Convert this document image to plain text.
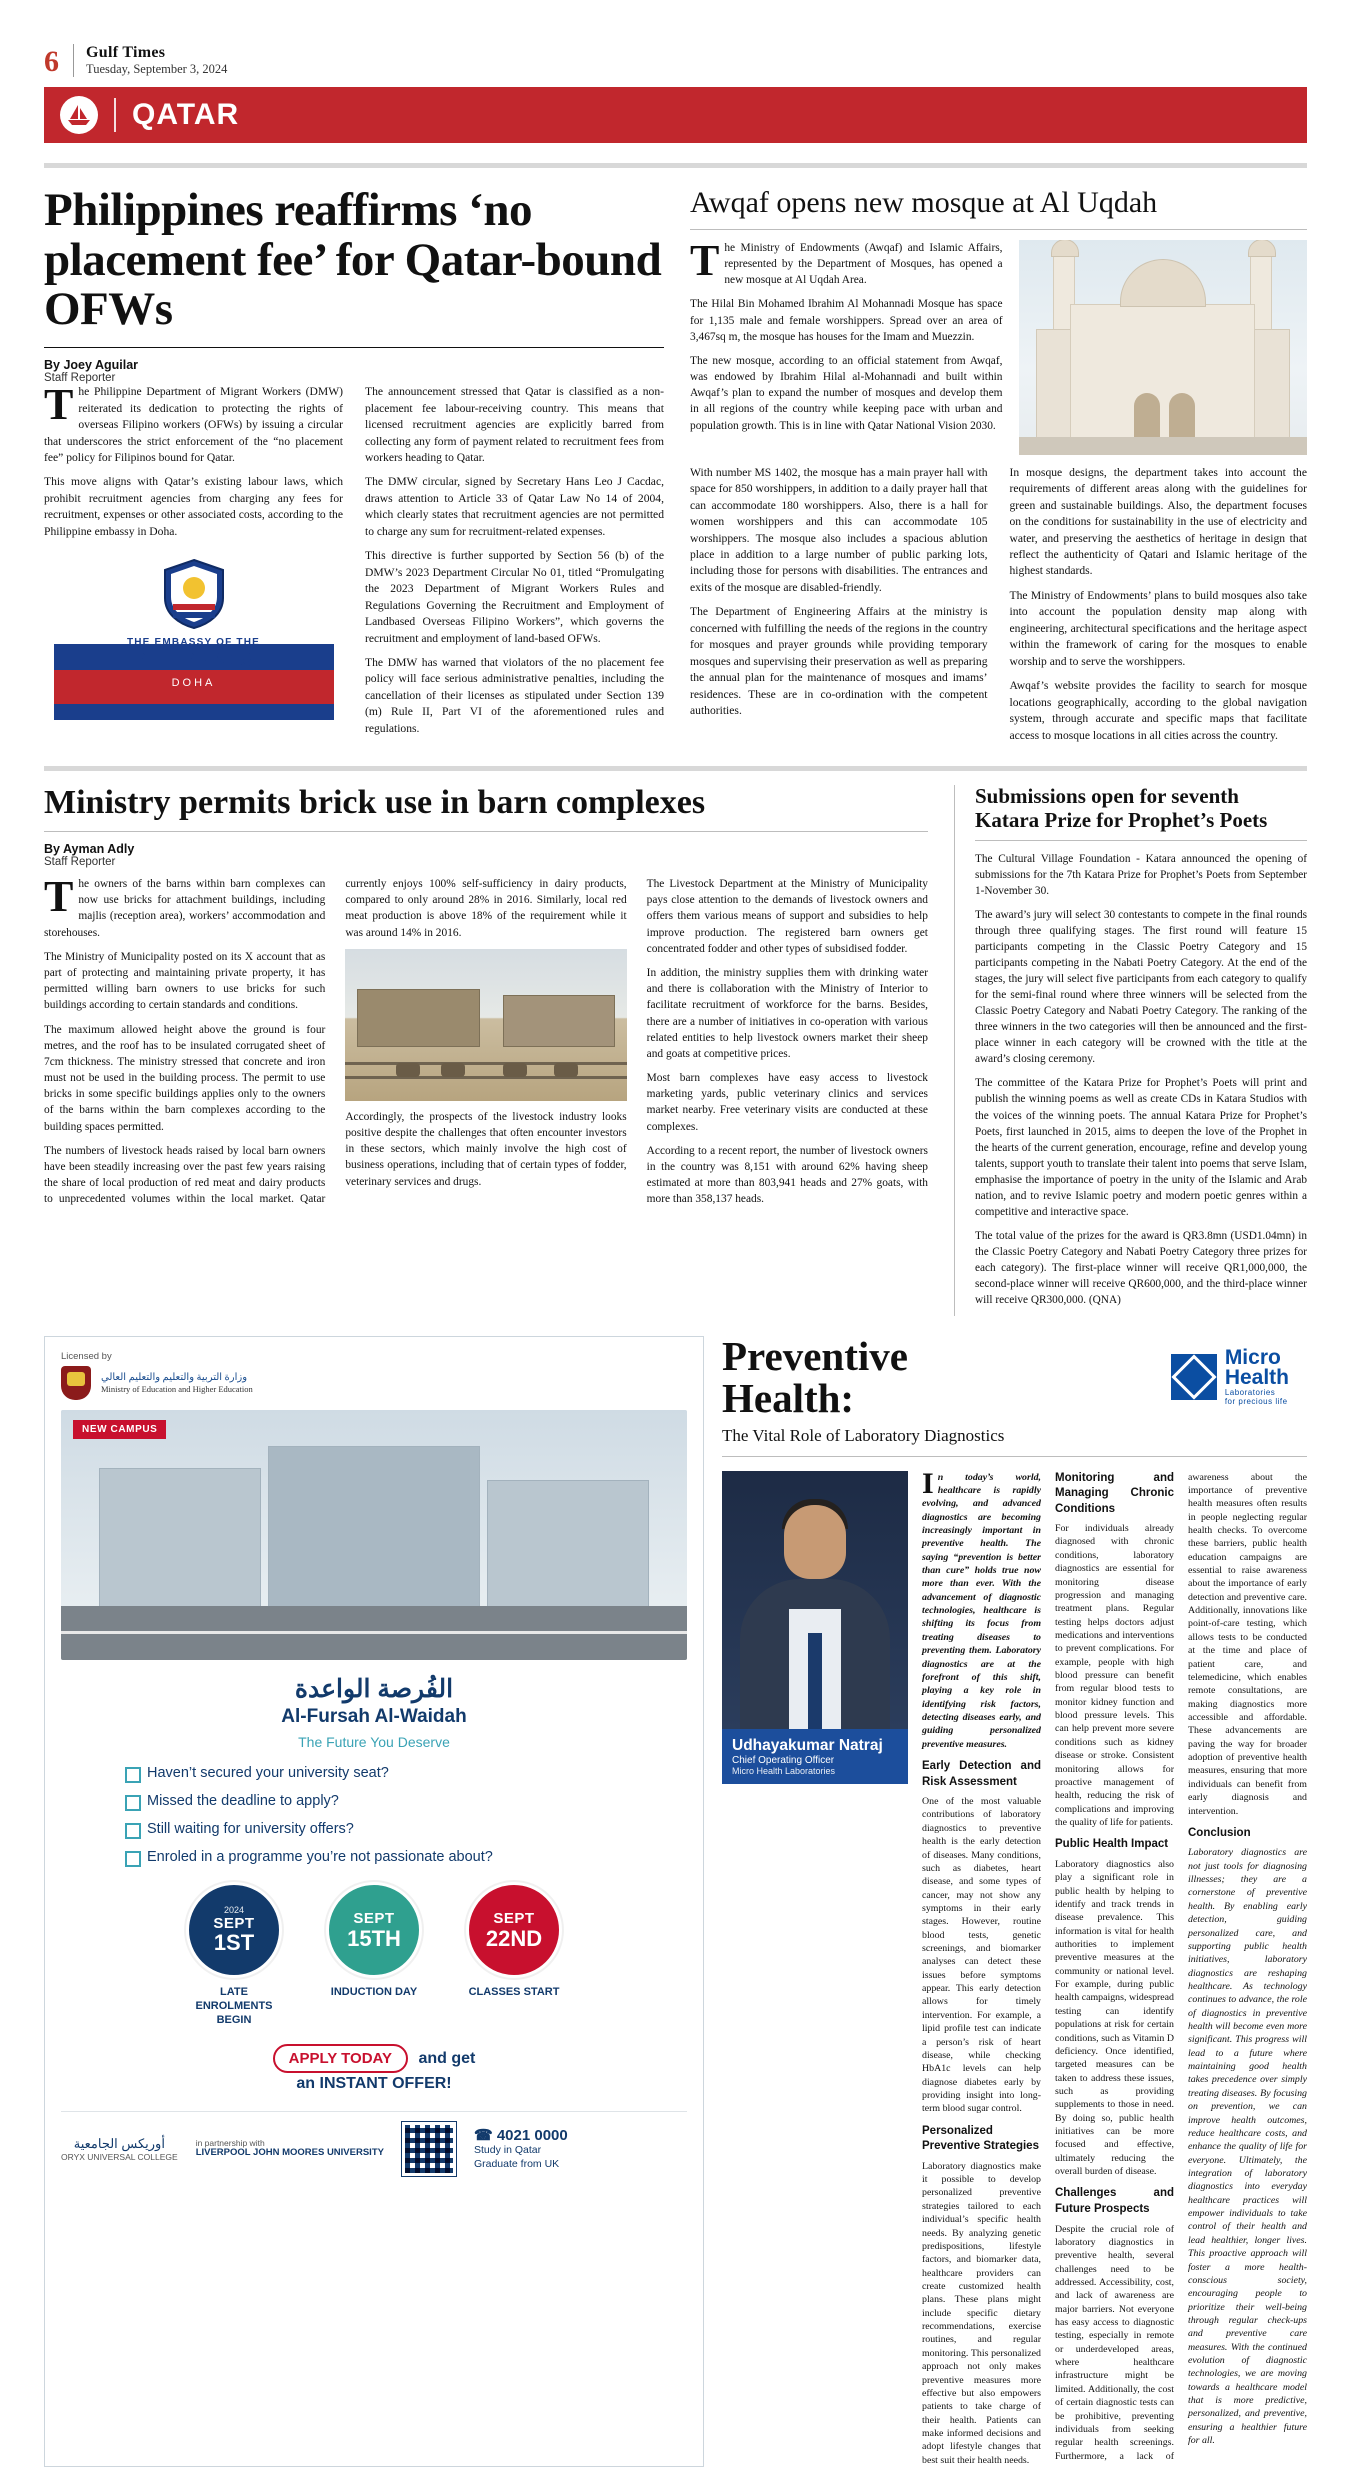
6 Gulf Times
Tuesday, September 3, 2024
QATAR
Philippines reaffirms ‘no placement fee’ for Qatar-bound OFWs
By Joey Aguilar
Staff Reporter

The Philippine Department of Migrant Workers (DMW) reiterated its dedication to protecting the rights of overseas Filipino workers (OFWs) by issuing a circular that underscores the strict enforcement of the “no placement fee” policy for Filipinos bound for Qatar.

This move aligns with Qatar’s existing labour laws, which prohibit recruitment agencies from charging any fees for recruitment, expenses or other associated costs, according to the Philippine embassy in Doha.

THE EMBASSY OF THE
PHILIPPINES
DOHA

The announcement stressed that Qatar is classified as a non-placement fee labour-receiving country. This means that licensed recruitment agencies are explicitly barred from collecting any form of payment related to recruitment fees from workers heading to Qatar.

The DMW circular, signed by Secretary Hans Leo J Cacdac, draws attention to Article 33 of Qatar Law No 14 of 2004, which clearly states that recruitment agencies are not permitted to charge any sum for recruitment-related expenses.

This directive is further supported by Section 56 (b) of the DMW’s 2023 Department Circular No 01, titled “Promulgating the 2023 Department of Migrant Workers Rules and Regulations Governing the Recruitment and Employment of Landbased Overseas Filipino Workers”, which governs the recruitment and employment of land-based OFWs.

The DMW has warned that violators of the no placement fee policy will face serious administrative penalties, including the cancellation of their licenses as stipulated under Section 139 (m) Rule II, Part VI of the aforementioned rules and regulations.

Awqaf opens new mosque at Al Uqdah

The Ministry of Endowments (Awqaf) and Islamic Affairs, represented by the Department of Mosques, has opened a new mosque at Al Uqdah Area.

The Hilal Bin Mohamed Ibrahim Al Mohannadi Mosque has space for 1,135 male and female worshippers. Spread over an area of 3,467sq m, the mosque has houses for the Imam and Muezzin.

The new mosque, according to an official statement from Awqaf, was endowed by Ibrahim Hilal al-Mohannadi and built within Awqaf’s plan to expand the number of mosques and develop them in all regions of the country while keeping pace with urban and population growth. This is in line with Qatar National Vision 2030.

With number MS 1402, the mosque has a main prayer hall with space for 850 worshippers, in addition to a daily prayer hall that can accommodate 180 worshippers. Also, there is a hall for women worshippers and this can accommodate 105 worshippers. The mosque also includes a spacious ablution place in addition to a large number of public parking lots, including those for persons with disabilities. The entrances and exits of the mosque are disabled-friendly.

The Department of Engineering Affairs at the ministry is concerned with fulfilling the needs of the regions in the country for mosques and prayer grounds while providing temporary mosques and supervising their preservation as well as preparing the annual plan for the maintenance of mosques and imams’ residences. These are in co-ordination with the competent authorities.

In mosque designs, the department takes into account the requirements of different areas along with the guidelines for green and sustainable buildings. Also, the department focuses on the conditions for sustainability in the use of electricity and water, and preserving the aesthetics of heritage in design that reflect the authenticity of Qatari and Islamic heritage of the highest standards.

The Ministry of Endowments’ plans to build mosques also take into account the population density map along with engineering, architectural specifications and the heritage aspect within the framework of caring for the mosques to enable worship and to serve the worshippers.

Awqaf’s website provides the facility to search for mosque locations geographically, according to the global navigation system, through accurate and specific maps that facilitate access to mosque locations in all cities across the country.

Ministry permits brick use in barn complexes
By Ayman Adly
Staff Reporter

The owners of the barns within barn complexes can now use bricks for attachment buildings, including majlis (reception area), workers’ accommodation and storehouses.

The Ministry of Municipality posted on its X account that as part of protecting and maintaining private property, it has permitted willing barn owners to use bricks for such buildings according to certain standards and conditions.

The maximum allowed height above the ground is four metres, and the roof has to be insulated corrugated sheet of 7cm thickness. The ministry stressed that concrete and iron must not be used in the building process. The permit to use bricks in some specific buildings applies only to the owners of the barns within the barn complexes according to the building spaces permitted.

The numbers of livestock heads raised by local barn owners have been steadily increasing over the past few years raising the share of local production of red meat and dairy products to unprecedented volumes within the local market. Qatar currently enjoys 100% self-sufficiency in dairy products, compared to only around 28% in 2016. Similarly, local red meat production is above 18% of the requirement while it was around 14% in 2016.

Accordingly, the prospects of the livestock industry looks positive despite the challenges that often encounter investors in these sectors, which mainly involve the high cost of business operations, including that of certain types of fodder, veterinary services and drugs.

The Livestock Department at the Ministry of Municipality pays close attention to the demands of livestock owners and offers them various means of support and subsidies to help improve production. The registered barn owners get concentrated fodder and other types of subsidised fodder.

In addition, the ministry supplies them with drinking water and there is collaboration with the Ministry of Interior to facilitate recruitment of workforce for the barns. Besides, there are a number of initiatives in co-operation with various related entities to help livestock owners market their sheep and goats at competitive prices.

Most barn complexes have easy access to livestock marketing yards, public veterinary clinics and services market nearby. Free veterinary visits are conducted at these complexes.

According to a recent report, the number of livestock owners in the country was 8,151 with around 62% having sheep estimated at more than 803,941 heads and 27% goats, with more than 358,137 heads.

Submissions open for seventh Katara Prize for Prophet’s Poets

The Cultural Village Foundation - Katara announced the opening of submissions for the 7th Katara Prize for Prophet’s Poets from September 1-November 30.

The award’s jury will select 30 contestants to compete in the final rounds through three qualifying stages. The first round will feature 15 participants competing in the Classic Poetry Category and 15 participants competing in the Nabati Poetry Category. At the end of the stages, the jury will select five participants from each category to qualify for the semi-final round where three winners will be selected from the Classic Poetry Category and Nabati Poetry Category. The ranking of the three winners in the two categories will then be announced and the first-place winner in each category will be crowned with the title at the award’s closing ceremony.

The committee of the Katara Prize for Prophet’s Poets will print and publish the winning poems as well as create CDs in Katara Studios with the voices of the winning poets. The annual Katara Prize for Prophet’s Poets, first launched in 2015, aims to deepen the love of the Prophet in the hearts of the current generation, encourage, refine and develop young talents, support youth to translate their talent into poems that serve Islam, emphasise the importance of poetry in the unity of the Islamic and Arab nation, and to revive Islamic poetry and modern poetic genres within a competitive and interactive space.

The total value of the prizes for the award is QR3.8mn (USD1.04mn) in the Classic Poetry Category and Nabati Poetry Category three prizes for each category). The first-place winner will receive QR1,000,000, the second-place winner will receive QR600,000, and the third-place winner will receive QR300,000. (QNA)

Licensed by
وزارة التربية والتعليم والتعليم العالي
Ministry of Education and Higher Education
NEW CAMPUS
الفُرصة الواعدة
Al-Fursah Al-Waidah
The Future You Deserve
Haven’t secured your university seat?
Missed the deadline to apply?
Still waiting for university offers?
Enroled in a programme you’re not passionate about?
2024
SEPT
1ST
SEPT
15TH
SEPT
22ND
LATE ENROLMENTS BEGIN
INDUCTION DAY	CLASSES START
APPLY TODAY and get
an INSTANT OFFER!
أوريكس الجامعية
ORYX UNIVERSAL COLLEGE
in partnership with
LIVERPOOL JOHN MOORES UNIVERSITY
☎ 4021 0000
Study in Qatar
Graduate from UK
Micro
Health
Laboratories
for precious life
Preventive
Health:
The Vital Role of Laboratory Diagnostics
Udhayakumar Natraj
Chief Operating Officer
Micro Health Laboratories

In today’s world, healthcare is rapidly evolving, and advanced diagnostics are becoming increasingly important in preventive health. The saying “prevention is better than cure” holds true now more than ever. With the advancement of diagnostic technologies, healthcare is shifting its focus from treating diseases to preventing them. Laboratory diagnostics are at the forefront of this shift, playing a key role in identifying risk factors, detecting diseases early, and guiding personalized preventive measures.

Early Detection and Risk Assessment

One of the most valuable contributions of laboratory diagnostics to preventive health is the early detection of diseases. Many conditions, such as diabetes, heart disease, and some types of cancer, may not show any symptoms in their early stages. However, routine blood tests, genetic screenings, and biomarker analyses can detect these issues before symptoms appear. This early detection allows for timely intervention. For example, a lipid profile test can indicate a person’s risk of heart disease, while checking HbA1c levels can help diagnose diabetes early by providing insight into long-term blood sugar control.

Personalized Preventive Strategies

Laboratory diagnostics make it possible to develop personalized preventive strategies tailored to each individual’s specific health needs. By analyzing genetic predispositions, lifestyle factors, and biomarker data, healthcare providers can create customized health plans. These plans might include specific dietary recommendations, exercise routines, and regular monitoring. This personalized approach not only makes preventive measures more effective but also empowers patients to take charge of their health. Patients can make informed decisions and adopt lifestyle changes that best suit their health needs.

Monitoring and Managing Chronic Conditions

For individuals already diagnosed with chronic conditions, laboratory diagnostics are essential for monitoring disease progression and managing treatment plans. Regular testing helps doctors adjust medications and interventions to prevent complications. For example, people with high blood pressure can benefit from regular blood tests to monitor kidney function and blood pressure levels. This can help prevent more severe conditions such as kidney disease or stroke. Consistent monitoring allows for proactive management of health, reducing the risk of complications and improving the quality of life for patients.

Public Health Impact

Laboratory diagnostics also play a significant role in public health by helping to identify and track trends in disease prevalence. This information is vital for health authorities to implement preventive measures at the community or national level. For example, during public health campaigns, widespread testing can identify populations at risk for certain conditions, such as Vitamin D deficiency. Once identified, targeted measures can be taken to address these issues, such as providing supplements to those in need. By doing so, public health initiatives can be more focused and effective, ultimately reducing the overall burden of disease.

Challenges and Future Prospects

Despite the crucial role of laboratory diagnostics in preventive health, several challenges need to be addressed. Accessibility, cost, and lack of awareness are major barriers. Not everyone has easy access to diagnostic testing, especially in remote or underdeveloped areas, where healthcare infrastructure might be limited. Additionally, the cost of certain diagnostic tests can be prohibitive, preventing individuals from seeking regular health screenings. Furthermore, a lack of awareness about the importance of preventive health measures often results in people neglecting regular health checks. To overcome these barriers, public health education campaigns are essential to raise awareness about the importance of early detection and preventive care. Additionally, innovations like point-of-care testing, which allows tests to be conducted at the time and place of patient care, and telemedicine, which enables remote consultations, are making diagnostics more accessible and affordable. These advancements are paving the way for broader adoption of preventive health measures, ensuring that more individuals can benefit from early diagnosis and intervention.

Conclusion

Laboratory diagnostics are not just tools for diagnosing illnesses; they are a cornerstone of preventive health. By enabling early detection, guiding personalized care, and supporting public health initiatives, laboratory diagnostics are reshaping healthcare. As technology continues to advance, the role of diagnostics in preventive health will become even more significant. This progress will lead to a future where maintaining good health takes precedence over simply treating diseases. By focusing on prevention, we can improve health outcomes, reduce healthcare costs, and enhance the quality of life for everyone. Ultimately, the integration of laboratory diagnostics into everyday healthcare practices will empower individuals to take control of their health and lead healthier, longer lives. This proactive approach will foster a more health-conscious society, encouraging people to prioritize their well-being through regular check-ups and preventive care measures. With the continued evolution of diagnostic technologies, we are moving towards a healthcare model that is more predictive, personalized, and preventive, ensuring a healthier future for all.
